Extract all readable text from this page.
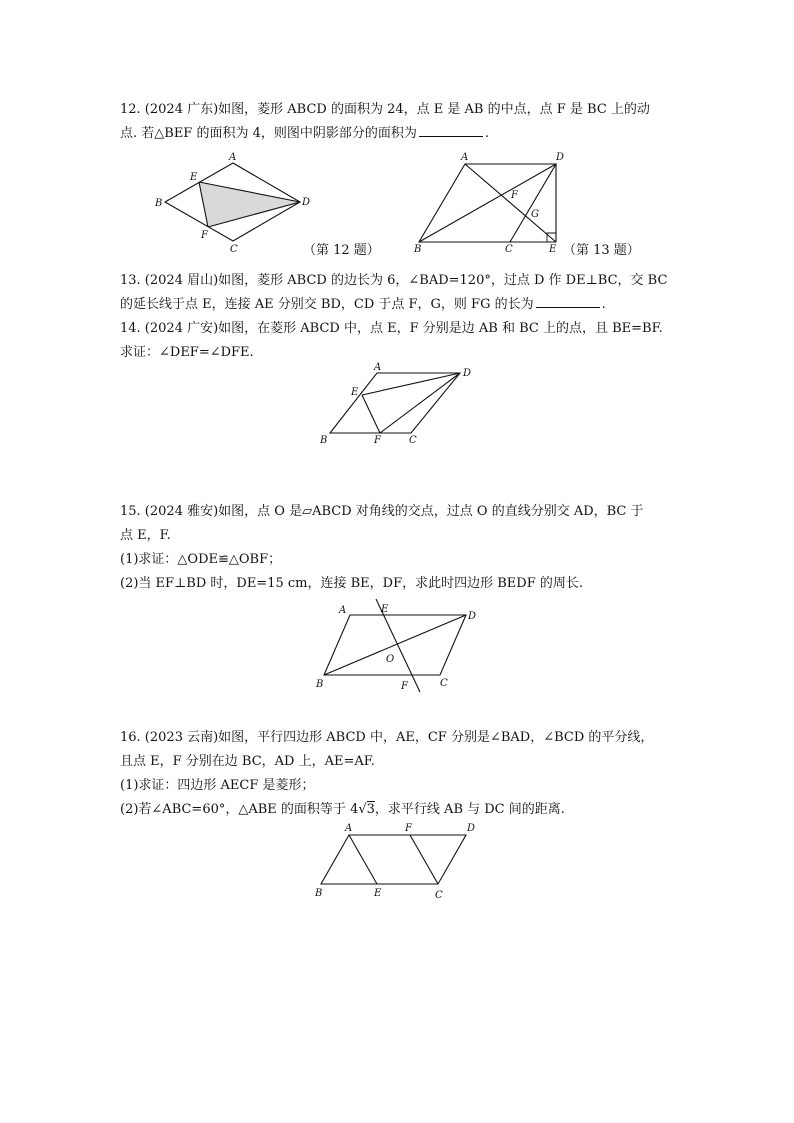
12. (2024 广东)如图，菱形 ABCD 的面积为 24，点 E 是 AB 的中点，点 F 是 BC 上的动
点. 若△BEF 的面积为 4，则图中阴影部分的面积为	.
A
D
B
C
E
F
（第 12 题）
A	D
B	C	E
F
G
（第 13 题）
13. (2024 眉山)如图，菱形 ABCD 的边长为 6，∠BAD=120°，过点 D 作 DE⊥BC，交 BC
的延长线于点 E，连接 AE 分别交 BD，CD 于点 F，G，则 FG 的长为	.
14. (2024 广安)如图，在菱形 ABCD 中，点 E，F 分别是边 AB 和 BC 上的点，且 BE=BF.
求证：∠DEF=∠DFE.
A
D
B	C
E
F
15. (2024 雅安)如图，点 O 是▱ABCD 对角线的交点，过点 O 的直线分别交 AD，BC 于
点 E，F.
(1)求证：△ODE≌△OBF；
(2)当 EF⊥BD 时，DE=15 cm，连接 BE，DF，求此时四边形 BEDF 的周长.
A	E
D
O
B	F	C
16. (2023 云南)如图，平行四边形 ABCD 中，AE，CF 分别是∠BAD，∠BCD 的平分线，
且点 E，F 分别在边 BC，AD 上，AE=AF.
(1)求证：四边形 AECF 是菱形；
(2)若∠ABC=60°，△ABE 的面积等于 4√3，求平行线 AB 与 DC 间的距离.
A	F	D
B	E	C
